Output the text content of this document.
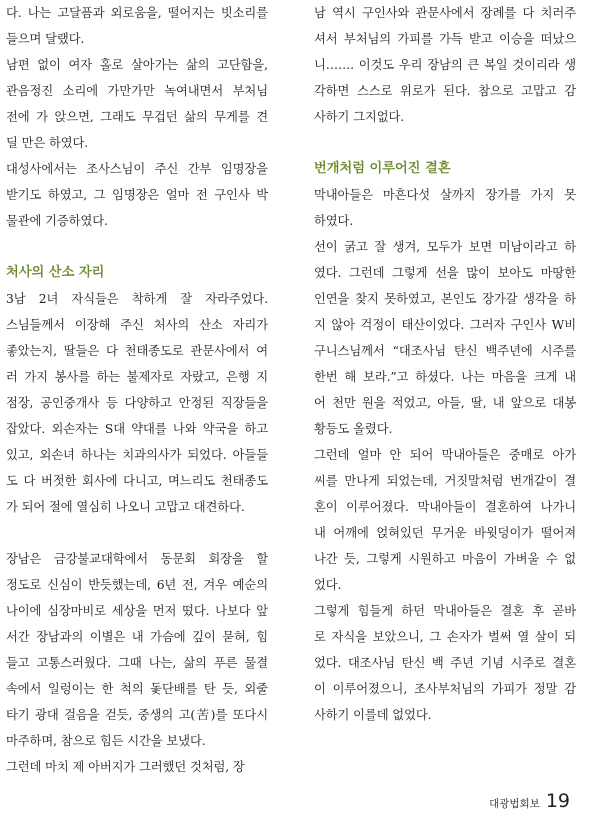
다. 나는 고달픔과 외로움을, 떨어지는 빗소리를
들으며 달랬다.
남편 없이 여자 홀로 살아가는 삶의 고단함을,
관음정진 소리에 가만가만 녹여내면서 부처님
전에 가 앉으면, 그래도 무겁던 삶의 무게를 견
딜 만은 하였다.
대성사에서는 조사스님이 주신 간부 임명장을
받기도 하였고, 그 임명장은 얼마 전 구인사 박
물관에 기증하였다.
처사의 산소 자리
3남 2녀 자식들은 착하게 잘 자라주었다.
스님들께서 이장해 주신 처사의 산소 자리가
좋았는지, 딸들은 다 천태종도로 관문사에서 여
러 가지 봉사를 하는 불제자로 자랐고, 은행 지
점장, 공인중개사 등 다양하고 안정된 직장들을
잡았다. 외손자는 S대 약대를 나와 약국을 하고
있고, 외손녀 하나는 치과의사가 되었다. 아들들
도 다 버젓한 회사에 다니고, 며느리도 천태종도
가 되어 절에 열심히 나오니 고맙고 대견하다.
장남은 금강불교대학에서 동문회 회장을 할
정도로 신심이 반듯했는데, 6년 전, 겨우 예순의
나이에 심장마비로 세상을 먼저 떴다. 나보다 앞
서간 장남과의 이별은 내 가슴에 깊이 묻혀, 힘
들고 고통스러웠다. 그때 나는, 삶의 푸른 물결
속에서 일렁이는 한 척의 돛단배를 탄 듯, 외줄
타기 광대 걸음을 걷듯, 중생의 고(苦)를 또다시
마주하며, 참으로 힘든 시간을 보냈다.
그런데 마치 제 아버지가 그러했던 것처럼, 장
남 역시 구인사와 관문사에서 장례를 다 치러주
셔서 부처님의 가피를 가득 받고 이승을 떠났으
니……. 이것도 우리 장남의 큰 복일 것이리라 생
각하면 스스로 위로가 된다. 참으로 고맙고 감
사하기 그지없다.
번개처럼 이루어진 결혼
막내아들은 마흔다섯 살까지 장가를 가지 못
하였다.
선이 굵고 잘 생겨, 모두가 보면 미남이라고 하
였다. 그런데 그렇게 선을 많이 보아도 마땅한
인연을 찾지 못하였고, 본인도 장가갈 생각을 하
지 않아 걱정이 태산이었다. 그러자 구인사 W비
구니스님께서 “대조사님 탄신 백주년에 시주를
한번 해 보라.”고 하셨다. 나는 마음을 크게 내
어 천만 원을 적었고, 아들, 딸, 내 앞으로 대봉
황등도 올렸다.
그런데 얼마 안 되어 막내아들은 중매로 아가
씨를 만나게 되었는데, 거짓말처럼 번개같이 결
혼이 이루어졌다. 막내아들이 결혼하여 나가니
내 어깨에 얹혀있던 무거운 바윗덩이가 떨어져
나간 듯, 그렇게 시원하고 마음이 가벼울 수 없
었다.
그렇게 힘들게 하던 막내아들은 결혼 후 곧바
로 자식을 보았으니, 그 손자가 벌써 열 살이 되
었다. 대조사님 탄신 백 주년 기념 시주로 결혼
이 이루어졌으니, 조사부처님의 가피가 정말 감
사하기 이를데 없었다.
대광법회보 19
